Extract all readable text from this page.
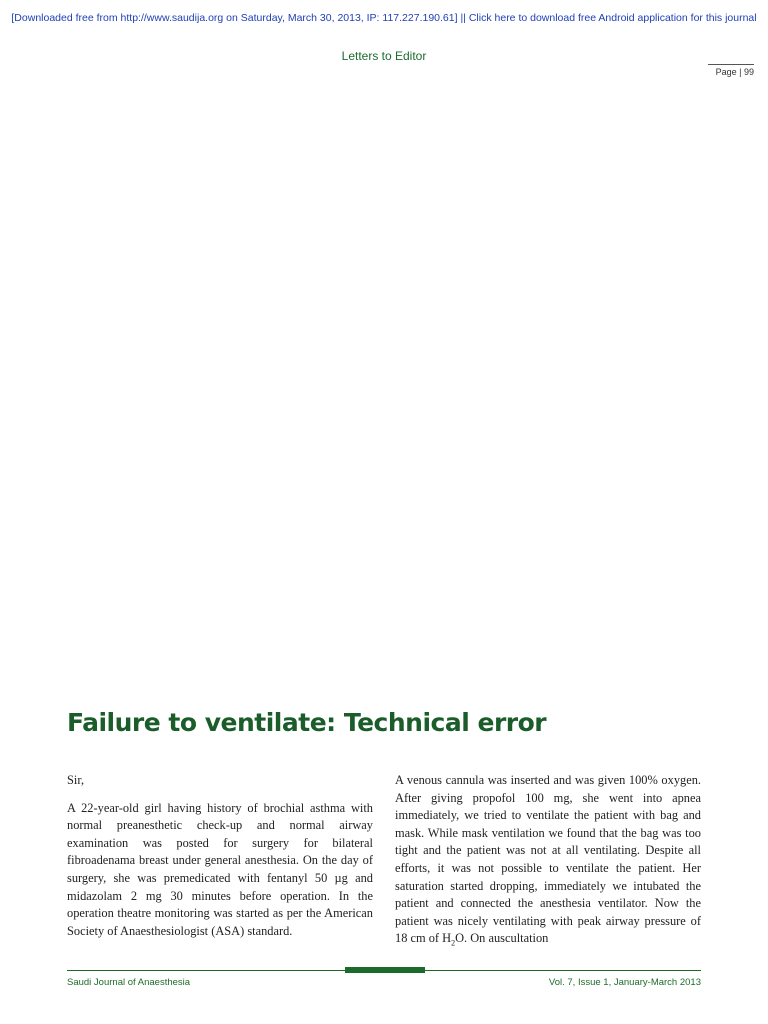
[Downloaded free from http://www.saudija.org on Saturday, March 30, 2013, IP: 117.227.190.61] || Click here to download free Android application for this journal
Letters to Editor
Page | 99
Failure to ventilate: Technical error

Sir,

A 22-year-old girl having history of brochial asthma with normal preanesthetic check-up and normal airway examination was posted for surgery for bilateral fibroadenama breast under general anesthesia. On the day of surgery, she was premedicated with fentanyl 50 µg and midazolam 2 mg 30 minutes before operation. In the operation theatre monitoring was started as per the American Society of Anaesthesiologist (ASA) standard.

A venous cannula was inserted and was given 100% oxygen. After giving propofol 100 mg, she went into apnea immediately, we tried to ventilate the patient with bag and mask. While mask ventilation we found that the bag was too tight and the patient was not at all ventilating. Despite all efforts, it was not possible to ventilate the patient. Her saturation started dropping, immediately we intubated the patient and connected the anesthesia ventilator. Now the patient was nicely ventilating with peak airway pressure of 18 cm of $H_2O$. On auscultation

Saudi Journal of Anaesthesia	Vol. 7, Issue 1, January-March 2013
